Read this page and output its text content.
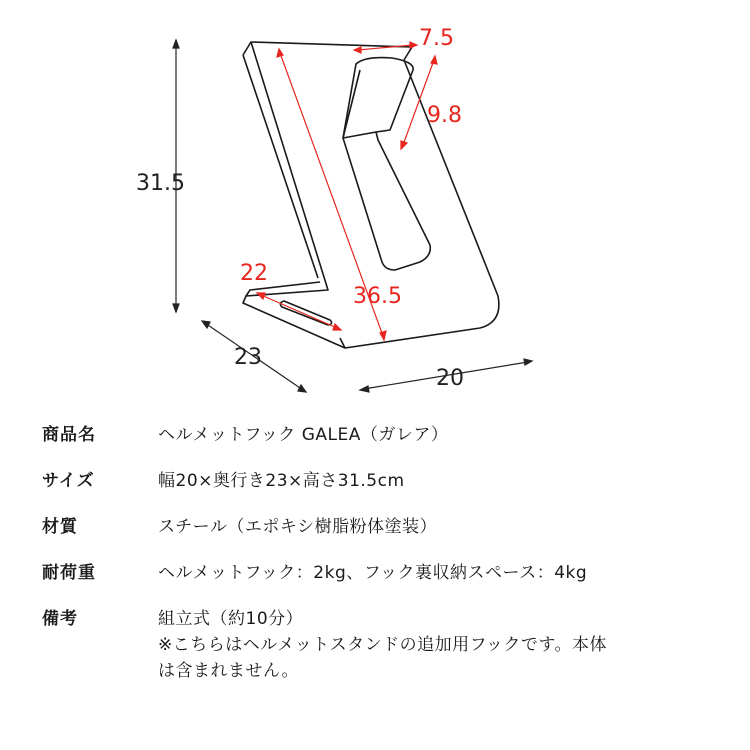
31.5
23
20
7.5
9.8
22
36.5
商品名	ヘルメットフック GALEA（ガレア）
サイズ	幅20×奥行き23×高さ31.5cm
材質	スチール（エポキシ樹脂粉体塗装）
耐荷重	ヘルメットフック：2kg、フック裏収納スペース：4kg
備考	組立式（約10分）
※こちらはヘルメットスタンドの追加用フックです。本体
は含まれません。
